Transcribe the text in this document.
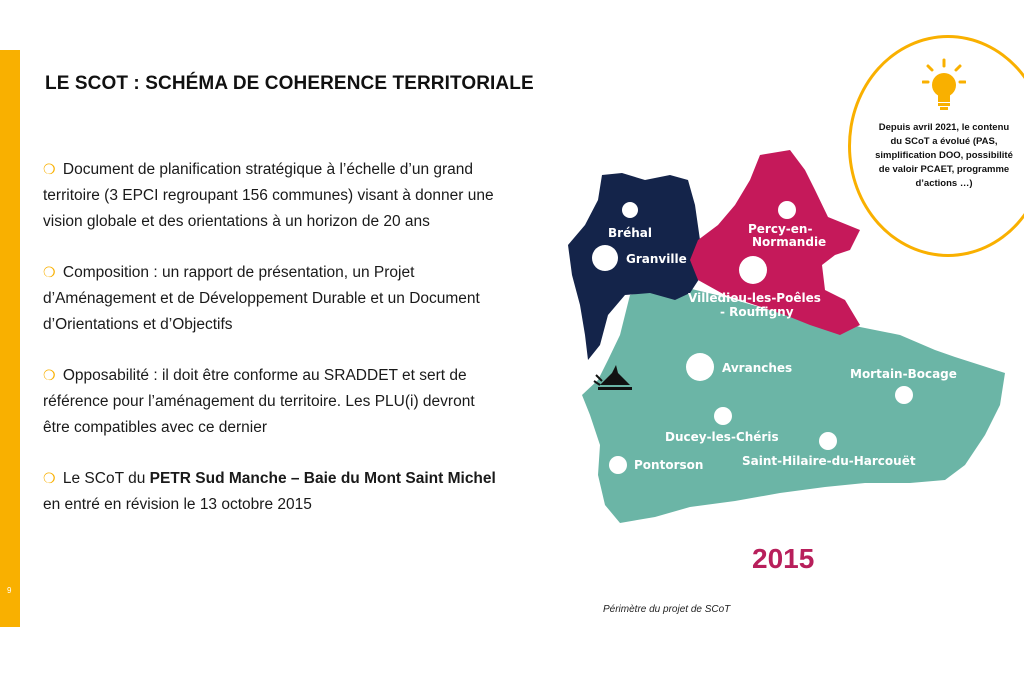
9
LE SCOT : SCHÉMA DE COHERENCE TERRITORIALE
❍ Document de planification stratégique à l’échelle d’un grand
territoire (3 EPCI regroupant 156 communes) visant à donner une
vision globale et des orientations à un horizon de 20 ans
❍ Composition : un rapport de présentation, un Projet
d’Aménagement et de Développement Durable et un Document
d’Orientations et d’Objectifs
❍ Opposabilité : il doit être conforme au SRADDET et sert de
référence pour l’aménagement du territoire. Les PLU(i) devront
être compatibles avec ce dernier
❍ Le SCoT du PETR Sud Manche – Baie du Mont Saint Michel
en entré en révision le 13 octobre 2015
Bréhal
Granville
Percy-en-
Normandie
Villedieu-les-Poêles
- Rouffigny
Avranches	Mortain-Bocage
Ducey-les-Chéris
Pontorson	Saint-Hilaire-du-Harcouët
2015
Périmètre du projet de SCoT
Depuis avril 2021, le contenu
du SCoT a évolué (PAS,
simplification DOO, possibilité
de valoir PCAET, programme
d’actions …)
